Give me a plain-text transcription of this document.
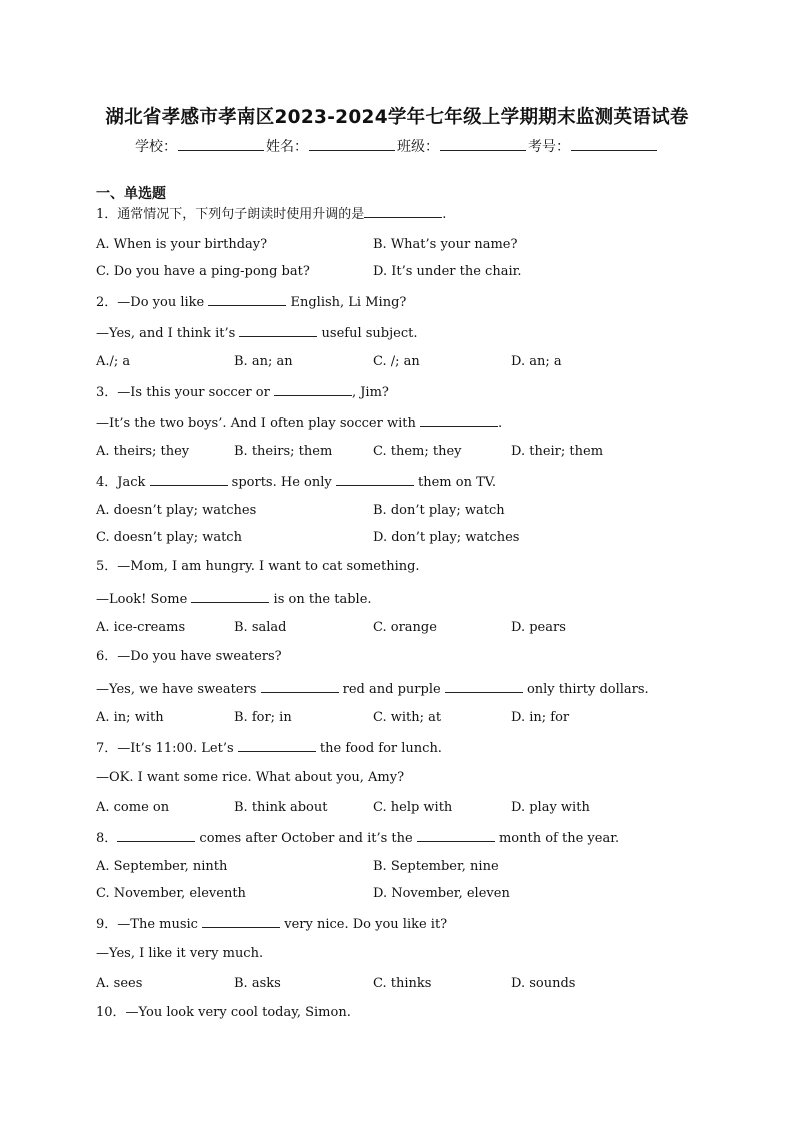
湖北省孝感市孝南区2023-2024学年七年级上学期期末监测英语试卷
学校：	姓名：	班级：	考号：
一、单选题
1．通常情况下，下列句子朗读时使用升调的是	.
A. When is your birthday?	B. What’s your name?
C. Do you have a ping-pong bat?	D. It’s under the chair.
2．—Do you like	English, Li Ming?
—Yes, and I think it’s	useful subject.
A./; a	B. an; an	C. /; an	D. an; a
3．—Is this your soccer or	, Jim?
—It’s the two boys’. And I often play soccer with	.
A. theirs; they	B. theirs; them	C. them; they	D. their; them
4．Jack	sports. He only	them on TV.
A. doesn’t play; watches	B. don’t play; watch
C. doesn’t play; watch	D. don’t play; watches
5．—Mom, I am hungry. I want to cat something.
—Look! Some	is on the table.
A. ice-creams	B. salad	C. orange	D. pears
6．—Do you have sweaters?
—Yes, we have sweaters	red and purple	only thirty dollars.
A. in; with	B. for; in	C. with; at	D. in; for
7．—It’s 11:00. Let’s	the food for lunch.
—OK. I want some rice. What about you, Amy?
A. come on	B. think about	C. help with	D. play with
8．	comes after October and it’s the	month of the year.
A. September, ninth	B. September, nine
C. November, eleventh	D. November, eleven
9．—The music	very nice. Do you like it?
—Yes, I like it very much.
A. sees	B. asks	C. thinks	D. sounds
10．—You look very cool today, Simon.
